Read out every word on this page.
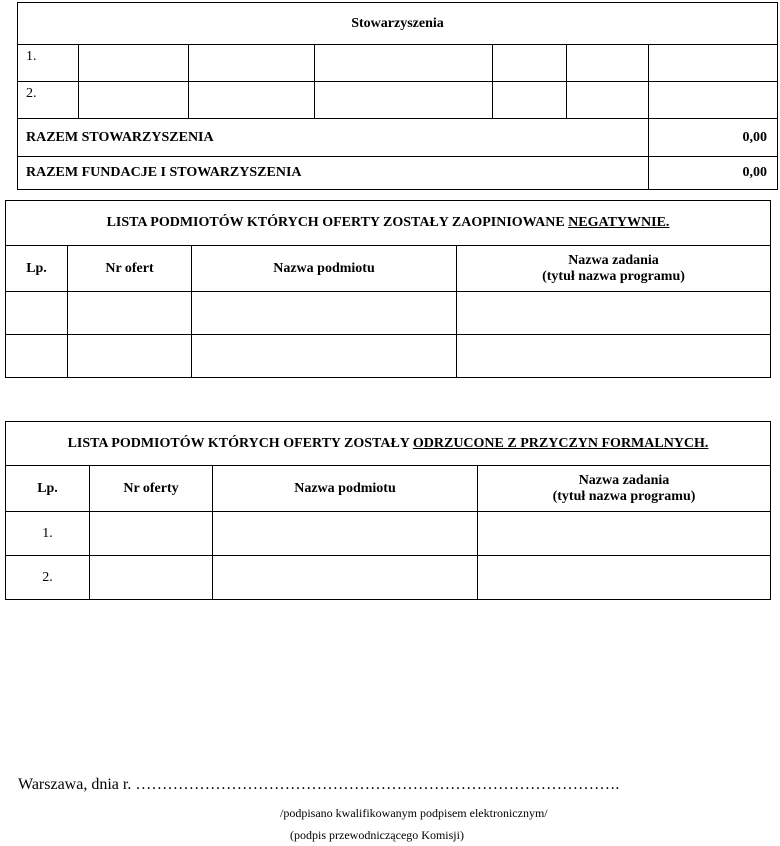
Stowarzyszenia						
1.						
2.						
RAZEM STOWARZYSZENIA						0,00
RAZEM FUNDACJE I STOWARZYSZENIA						0,00
LISTA PODMIOTÓW KTÓRYCH OFERTY ZOSTAŁY ZAOPINIOWANE NEGATYWNIE.			
Lp.	Nr ofert	Nazwa podmiotu	Nazwa zadania
(tytuł nazwa programu)

LISTA PODMIOTÓW KTÓRYCH OFERTY ZOSTAŁY ODRZUCONE Z PRZYCZYN FORMALNYCH.			
Lp.	Nr oferty	Nazwa podmiotu	Nazwa zadania
(tytuł nazwa programu)

1.			
2.			
Warszawa, dnia r. ……………………………………………………………………………….
/podpisano kwalifikowanym podpisem elektronicznym/
(podpis przewodniczącego Komisji)
